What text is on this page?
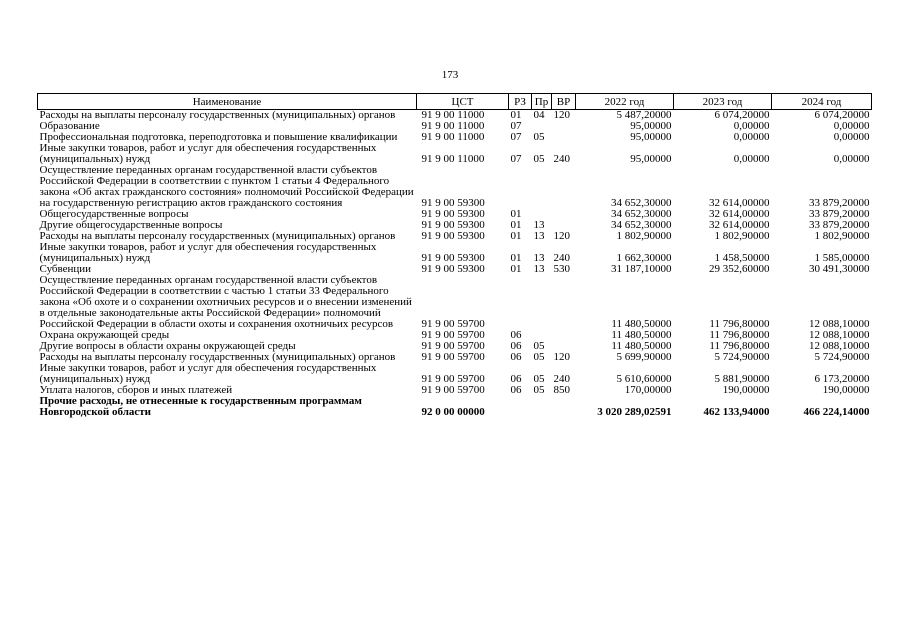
173
Наименование	ЦСТ	РЗ	Пр	ВР	2022 год	2023 год	2024 год
Расходы на выплаты персоналу государственных (муниципальных) органов	91 9 00 11000	01	04	120	5 487,20000	6 074,20000	6 074,20000
Образование	91 9 00 11000	07			95,00000	0,00000	0,00000
Профессиональная подготовка, переподготовка и повышение квалификации	91 9 00 11000	07	05		95,00000	0,00000	0,00000
Иные закупки товаров, работ и услуг для обеспечения государственных (муниципальных) нужд	91 9 00 11000	07	05	240	95,00000	0,00000	0,00000
Осуществление переданных органам государственной власти субъектов Российской Федерации в соответствии с пунктом 1 статьи 4 Федерального закона «Об актах гражданского состояния» полномочий Российской Федерации на государственную регистрацию актов гражданского состояния	91 9 00 59300				34 652,30000	32 614,00000	33 879,20000
Общегосударственные вопросы	91 9 00 59300	01			34 652,30000	32 614,00000	33 879,20000
Другие общегосударственные вопросы	91 9 00 59300	01	13		34 652,30000	32 614,00000	33 879,20000
Расходы на выплаты персоналу государственных (муниципальных) органов	91 9 00 59300	01	13	120	1 802,90000	1 802,90000	1 802,90000
Иные закупки товаров, работ и услуг для обеспечения государственных (муниципальных) нужд	91 9 00 59300	01	13	240	1 662,30000	1 458,50000	1 585,00000
Субвенции	91 9 00 59300	01	13	530	31 187,10000	29 352,60000	30 491,30000
Осуществление переданных органам государственной власти субъектов Российской Федерации в соответствии с частью 1 статьи 33 Федерального закона «Об охоте и о сохранении охотничьих ресурсов и о внесении изменений в отдельные законодательные акты Российской Федерации» полномочий Российской Федерации в области охоты и сохранения охотничьих ресурсов	91 9 00 59700				11 480,50000	11 796,80000	12 088,10000
Охрана окружающей среды	91 9 00 59700	06			11 480,50000	11 796,80000	12 088,10000
Другие вопросы в области охраны окружающей среды	91 9 00 59700	06	05		11 480,50000	11 796,80000	12 088,10000
Расходы на выплаты персоналу государственных (муниципальных) органов	91 9 00 59700	06	05	120	5 699,90000	5 724,90000	5 724,90000
Иные закупки товаров, работ и услуг для обеспечения государственных (муниципальных) нужд	91 9 00 59700	06	05	240	5 610,60000	5 881,90000	6 173,20000
Уплата налогов, сборов и иных платежей	91 9 00 59700	06	05	850	170,00000	190,00000	190,00000
Прочие расходы, не отнесенные к государственным программам Новгородской области	92 0 00 00000				3 020 289,02591	462 133,94000	466 224,14000
